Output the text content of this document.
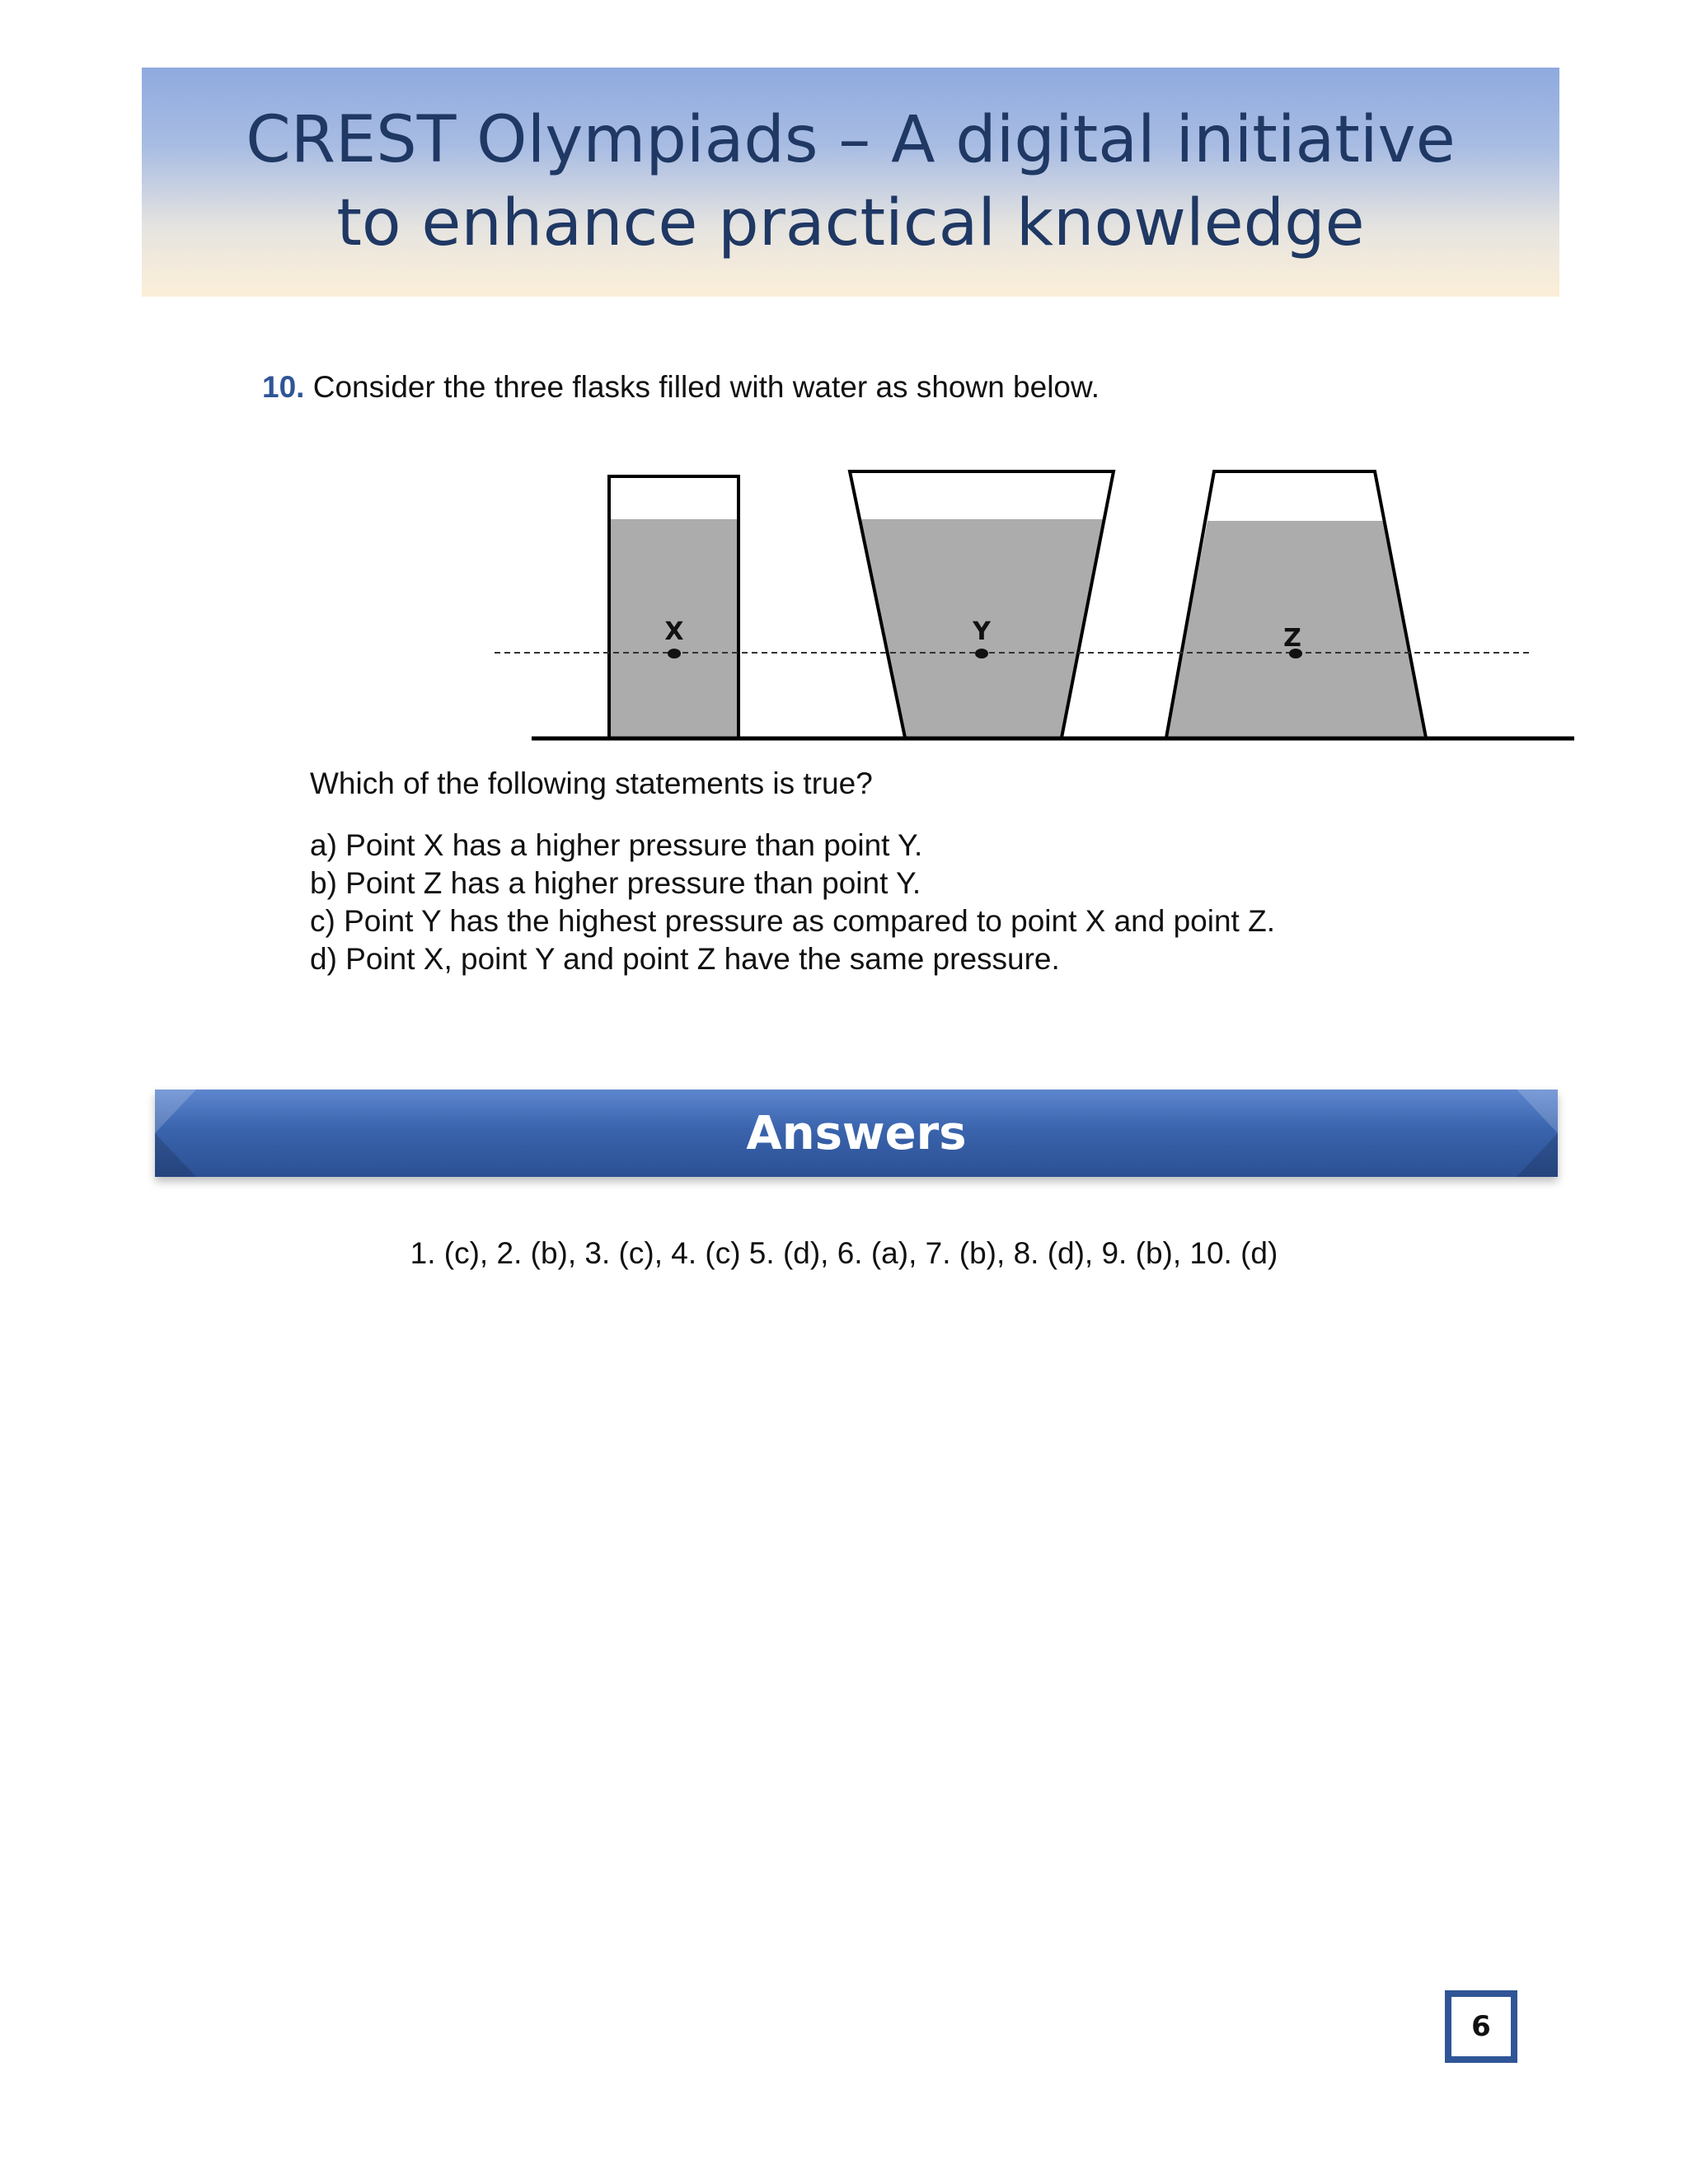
CREST Olympiads – A digital initiative to enhance practical knowledge
10. Consider the three flasks filled with water as shown below.
X	Y	Z
Which of the following statements is true?
a) Point X has a higher pressure than point Y.
b) Point Z has a higher pressure than point Y.
c) Point Y has the highest pressure as compared to point X and point Z.
d) Point X, point Y and point Z have the same pressure.
Answers
1. (c), 2. (b), 3. (c), 4. (c) 5. (d), 6. (a), 7. (b), 8. (d), 9. (b), 10. (d)
6
